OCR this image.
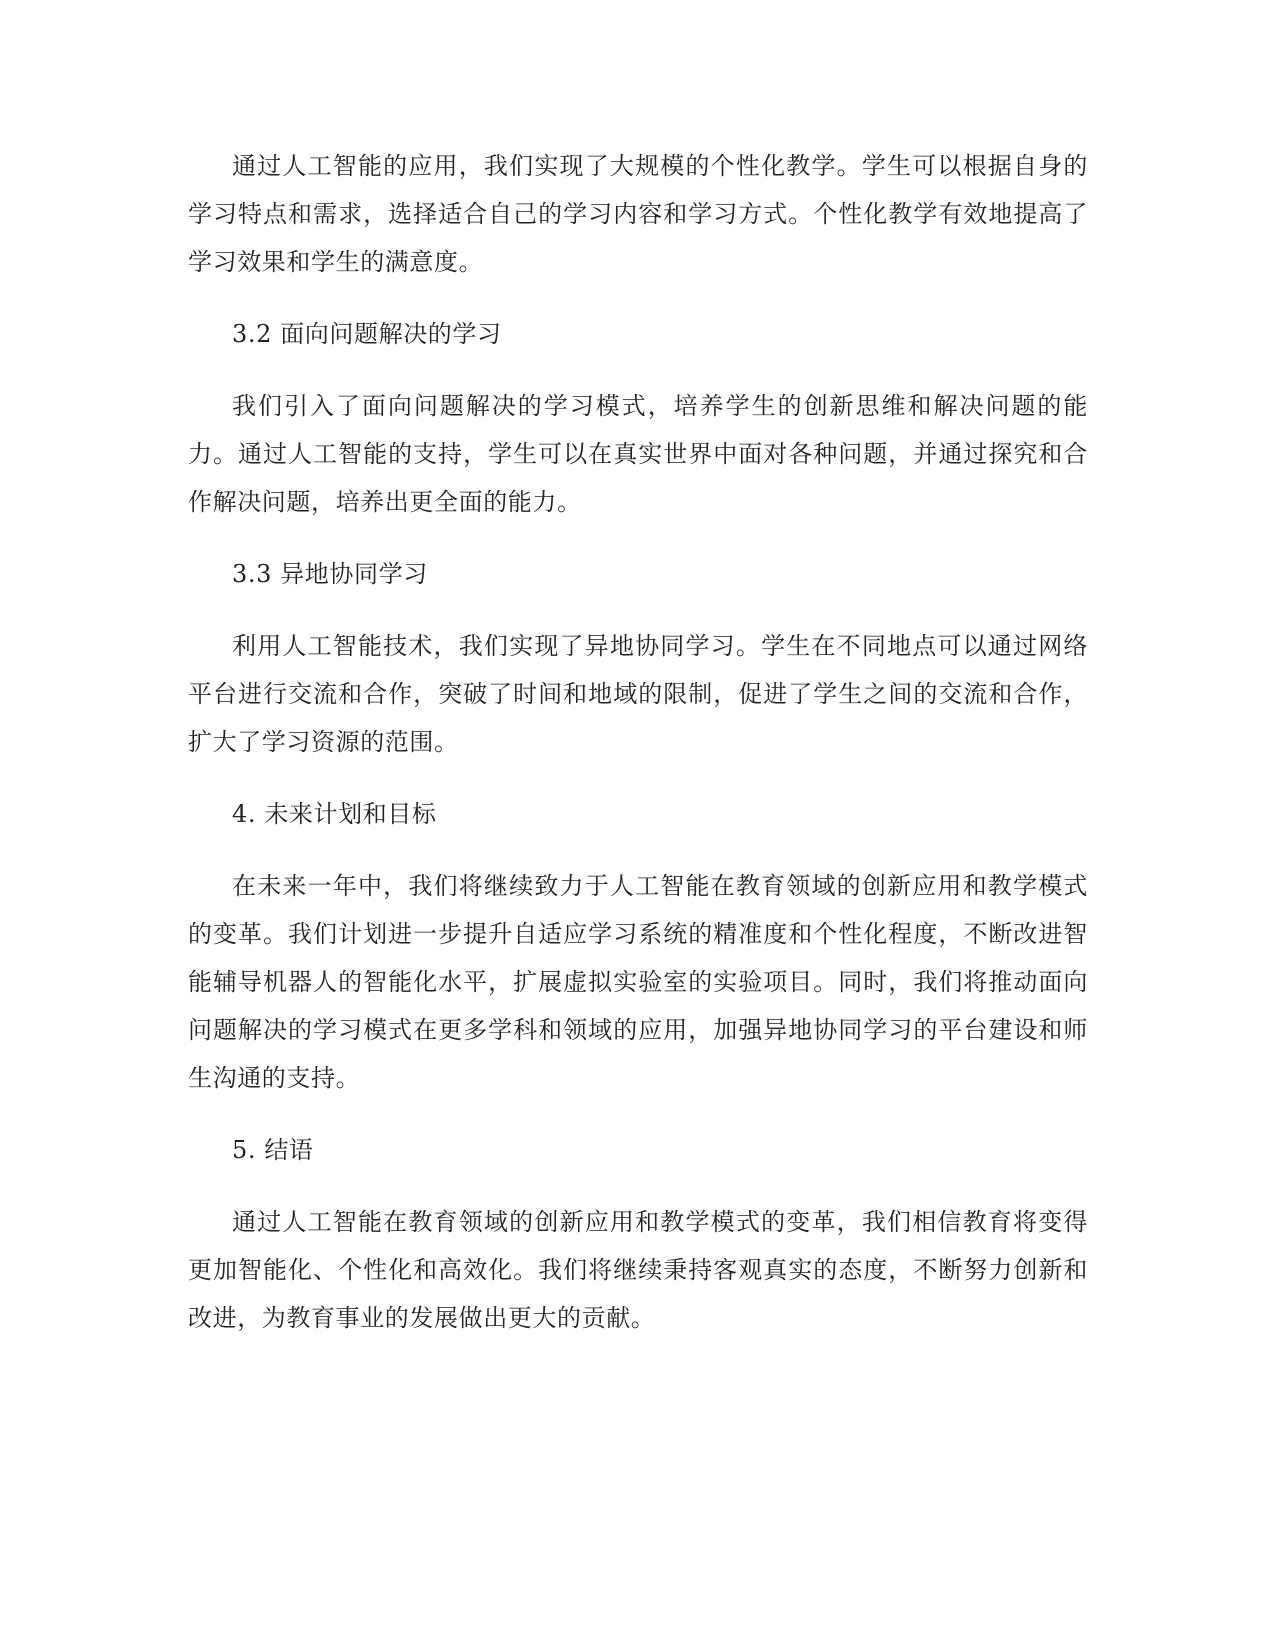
通过人工智能的应用，我们实现了大规模的个性化教学。学生可以根据自身的学习特点和需求，选择适合自己的学习内容和学习方式。个性化教学有效地提高了学习效果和学生的满意度。

3.2 面向问题解决的学习

我们引入了面向问题解决的学习模式，培养学生的创新思维和解决问题的能力。通过人工智能的支持，学生可以在真实世界中面对各种问题，并通过探究和合作解决问题，培养出更全面的能力。

3.3 异地协同学习

利用人工智能技术，我们实现了异地协同学习。学生在不同地点可以通过网络平台进行交流和合作，突破了时间和地域的限制，促进了学生之间的交流和合作，扩大了学习资源的范围。

4. 未来计划和目标

在未来一年中，我们将继续致力于人工智能在教育领域的创新应用和教学模式的变革。我们计划进一步提升自适应学习系统的精准度和个性化程度，不断改进智能辅导机器人的智能化水平，扩展虚拟实验室的实验项目。同时，我们将推动面向问题解决的学习模式在更多学科和领域的应用，加强异地协同学习的平台建设和师生沟通的支持。

5. 结语

通过人工智能在教育领域的创新应用和教学模式的变革，我们相信教育将变得更加智能化、个性化和高效化。我们将继续秉持客观真实的态度，不断努力创新和改进，为教育事业的发展做出更大的贡献。
